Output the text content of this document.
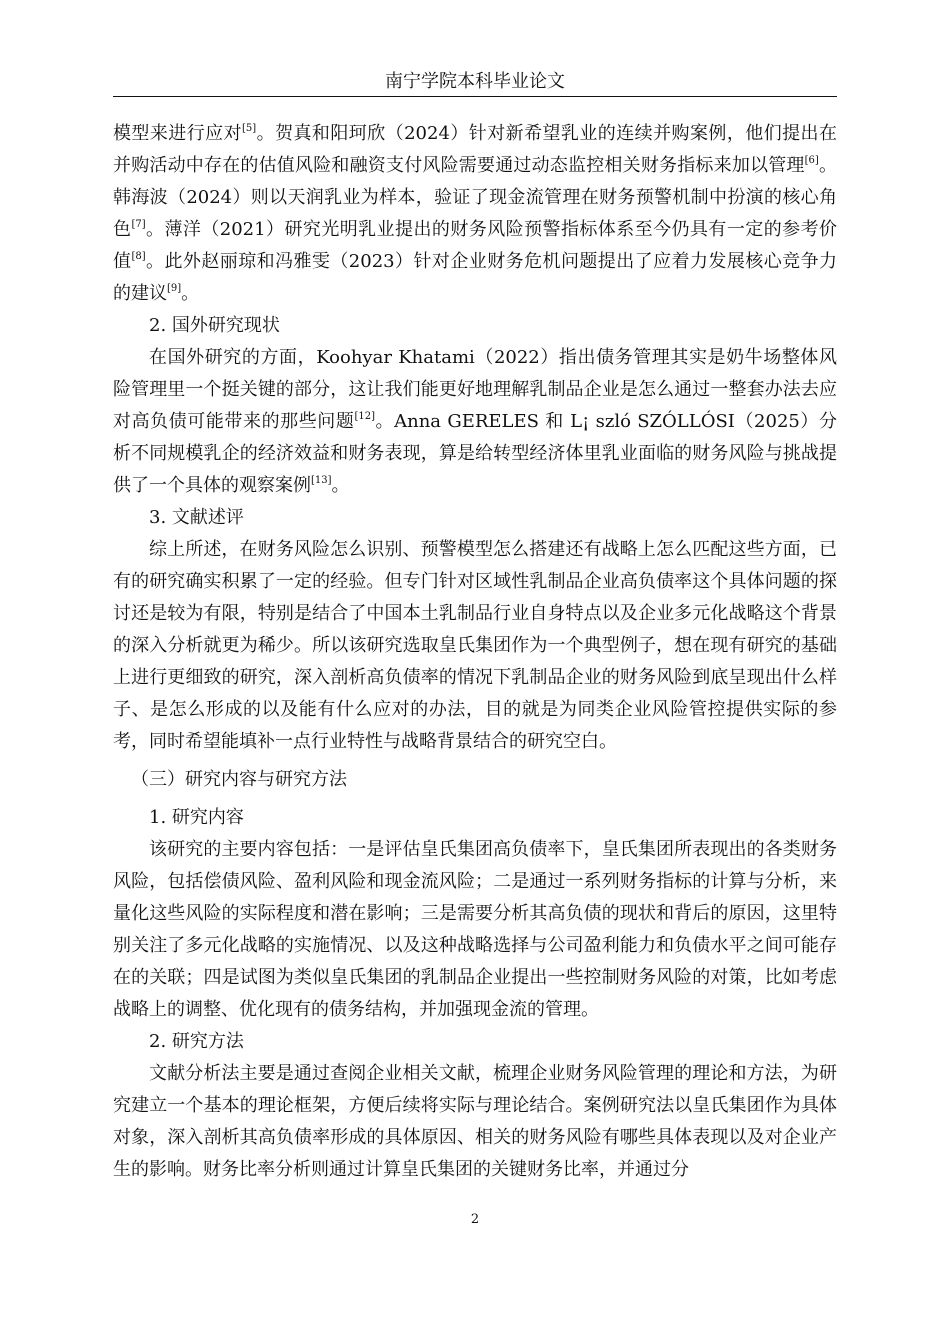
南宁学院本科毕业论文

模型来进行应对[5]。贺真和阳珂欣（2024）针对新希望乳业的连续并购案例，他们提出在并购活动中存在的估值风险和融资支付风险需要通过动态监控相关财务指标来加以管理[6]。韩海波（2024）则以天润乳业为样本，验证了现金流管理在财务预警机制中扮演的核心角色[7]。薄洋（2021）研究光明乳业提出的财务风险预警指标体系至今仍具有一定的参考价值[8]。此外赵丽琼和冯雅雯（2023）针对企业财务危机问题提出了应着力发展核心竞争力的建议[9]。

2. 国外研究现状

在国外研究的方面，Koohyar Khatami（2022）指出债务管理其实是奶牛场整体风险管理里一个挺关键的部分，这让我们能更好地理解乳制品企业是怎么通过一整套办法去应对高负债可能带来的那些问题[12]。Anna GERELES 和 L¡ szló SZÓLLÓSI（2025）分析不同规模乳企的经济效益和财务表现，算是给转型经济体里乳业面临的财务风险与挑战提供了一个具体的观察案例[13]。

3. 文献述评

综上所述，在财务风险怎么识别、预警模型怎么搭建还有战略上怎么匹配这些方面，已有的研究确实积累了一定的经验。但专门针对区域性乳制品企业高负债率这个具体问题的探讨还是较为有限，特别是结合了中国本土乳制品行业自身特点以及企业多元化战略这个背景的深入分析就更为稀少。所以该研究选取皇氏集团作为一个典型例子，想在现有研究的基础上进行更细致的研究，深入剖析高负债率的情况下乳制品企业的财务风险到底呈现出什么样子、是怎么形成的以及能有什么应对的办法，目的就是为同类企业风险管控提供实际的参考，同时希望能填补一点行业特性与战略背景结合的研究空白。

（三）研究内容与研究方法

1. 研究内容

该研究的主要内容包括：一是评估皇氏集团高负债率下，皇氏集团所表现出的各类财务风险，包括偿债风险、盈利风险和现金流风险；二是通过一系列财务指标的计算与分析，来量化这些风险的实际程度和潜在影响；三是需要分析其高负债的现状和背后的原因，这里特别关注了多元化战略的实施情况、以及这种战略选择与公司盈利能力和负债水平之间可能存在的关联；四是试图为类似皇氏集团的乳制品企业提出一些控制财务风险的对策，比如考虑战略上的调整、优化现有的债务结构，并加强现金流的管理。

2. 研究方法

文献分析法主要是通过查阅企业相关文献，梳理企业财务风险管理的理论和方法，为研究建立一个基本的理论框架，方便后续将实际与理论结合。案例研究法以皇氏集团作为具体对象，深入剖析其高负债率形成的具体原因、相关的财务风险有哪些具体表现以及对企业产生的影响。财务比率分析则通过计算皇氏集团的关键财务比率，并通过分

2
